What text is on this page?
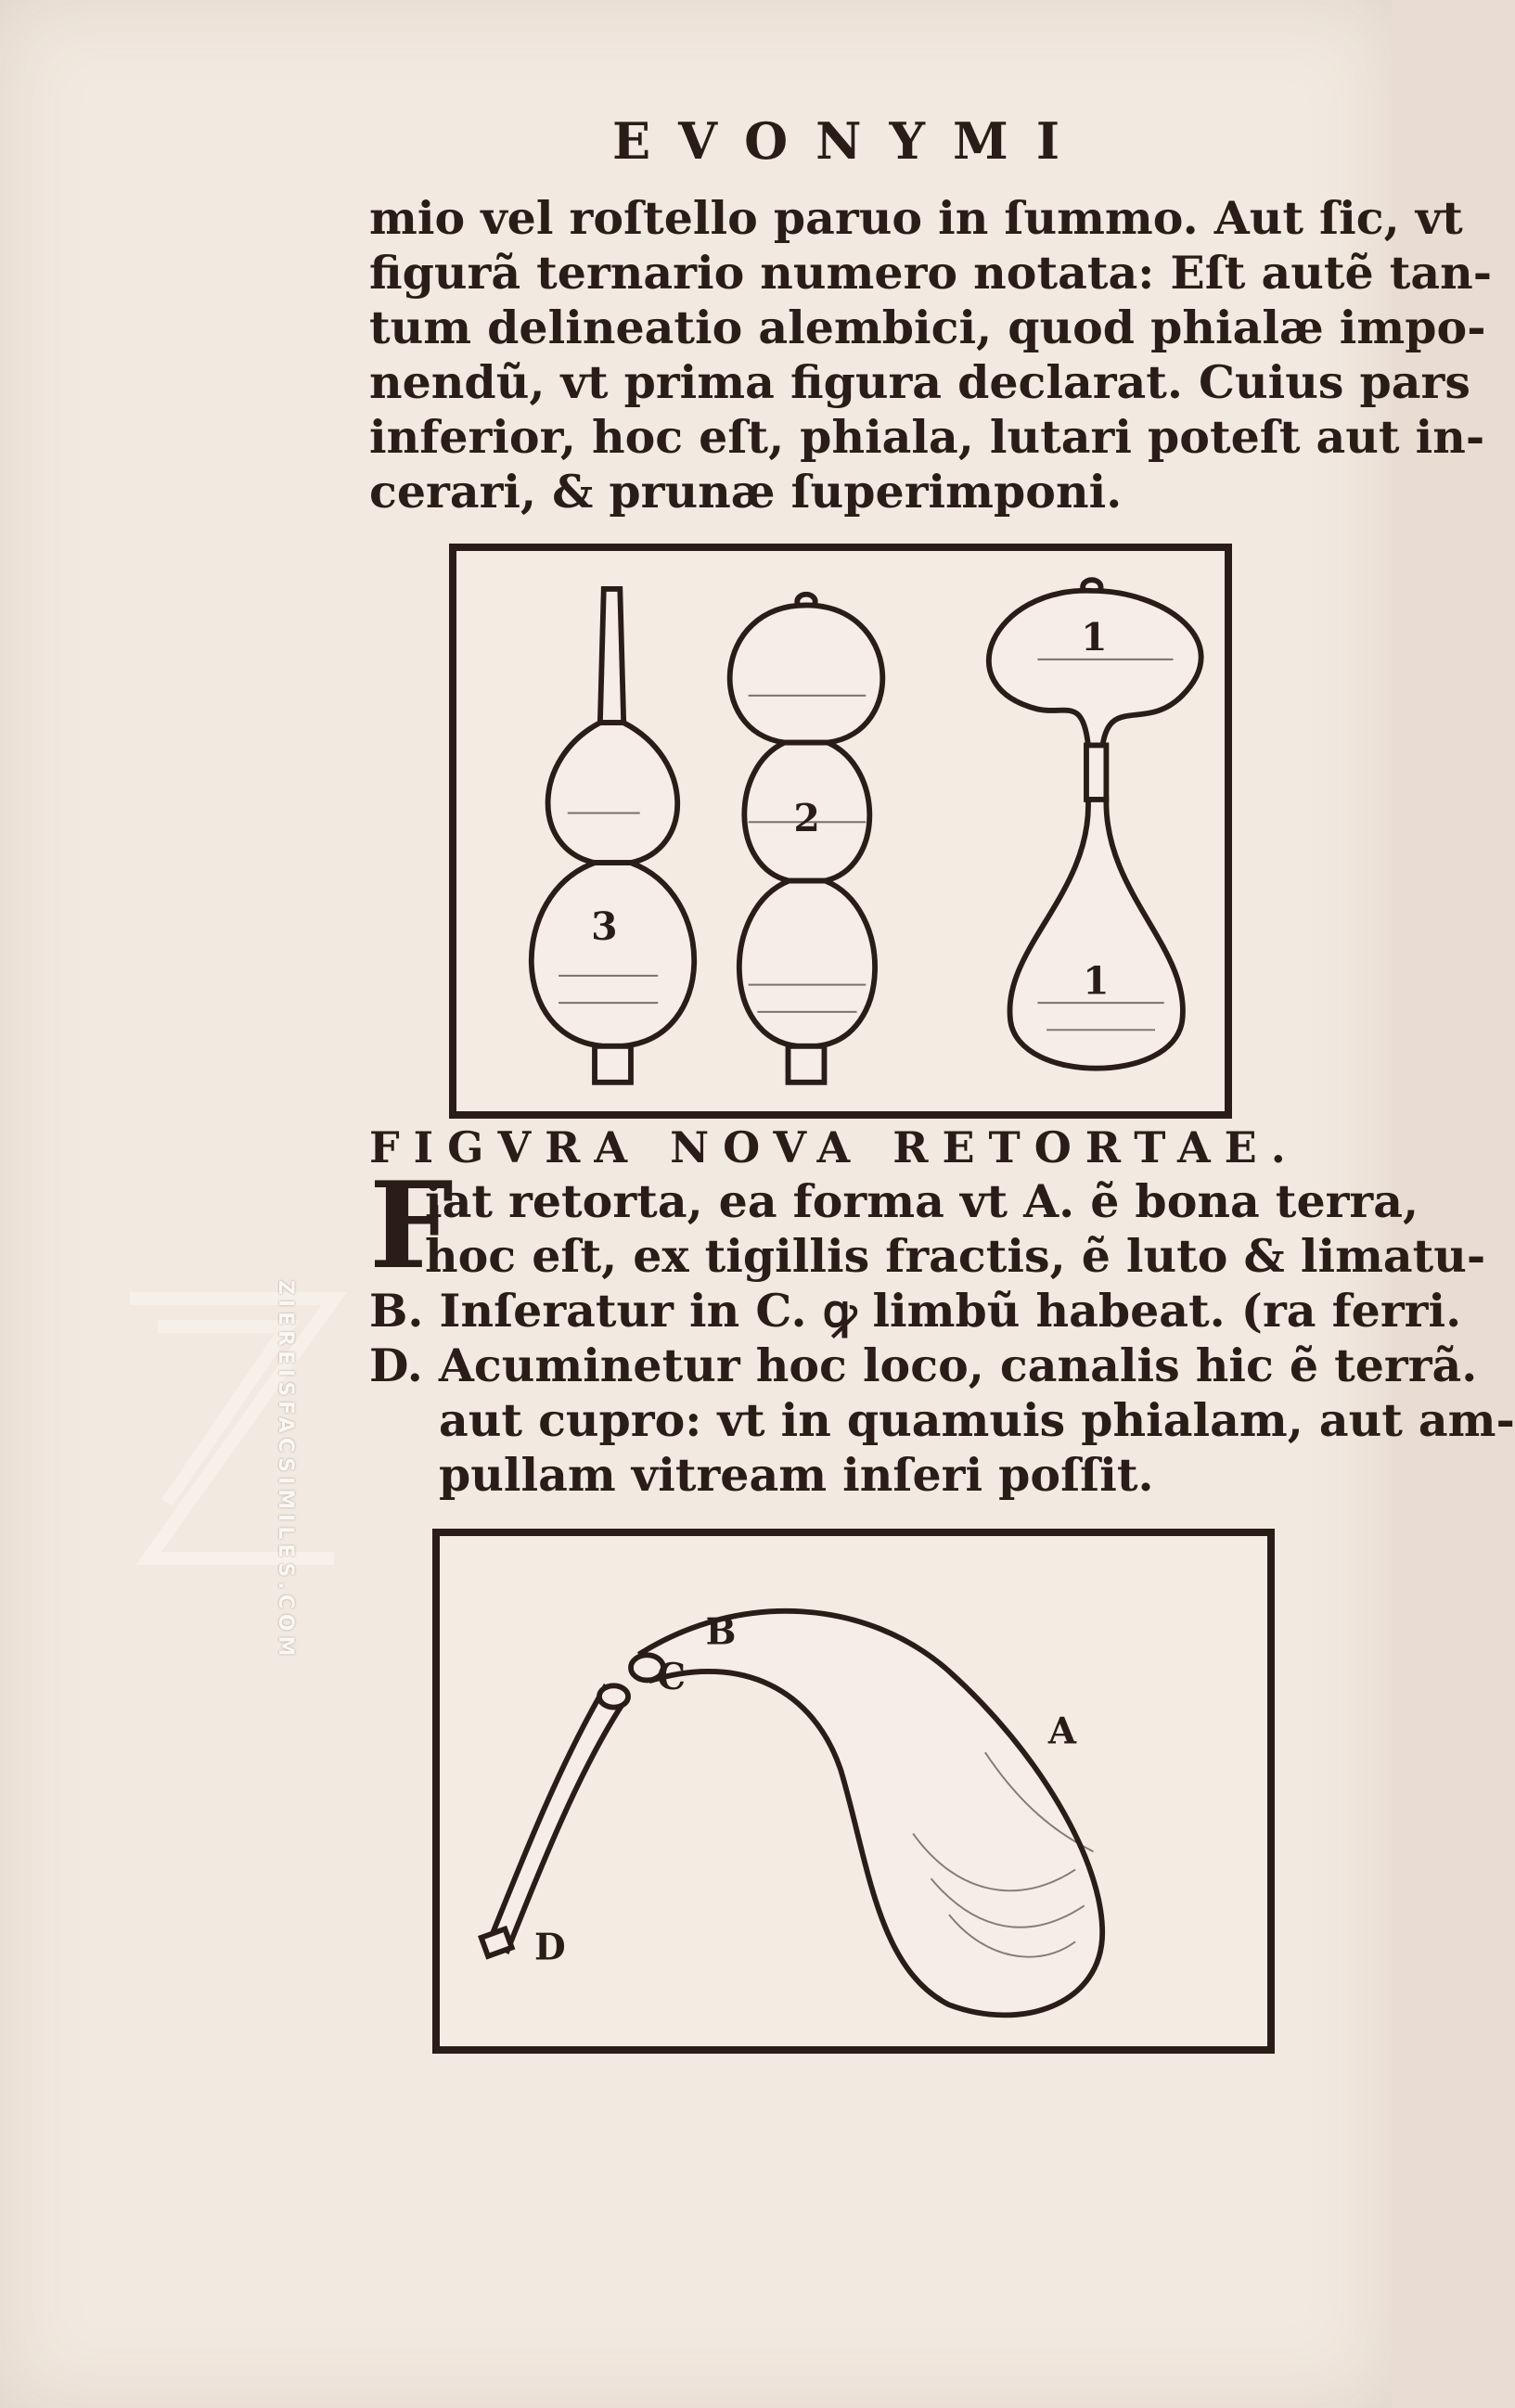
EVONYMI
mio vel roſtello paruo in ſummo. Aut ſic, vt
figurã ternario numero notata: Eſt autẽ tan-
tum delineatio alembici, quod phialæ impo-
nendũ, vt prima figura declarat. Cuius pars
inferior, hoc eſt, phiala, lutari poteſt aut in-
cerari, & prunæ ſuperimponi.
3
2
1
1
FIGVRA NOVA RETORTAE.
F
iat retorta, ea forma vt A. ẽ bona terra,
hoc eſt, ex tigillis fractis, ẽ luto & limatu-
B. Inſeratur in C. ꝙ limbũ habeat. (ra ferri.
D. Acuminetur hoc loco, canalis hic ẽ terrã.
aut cupro: vt in quamuis phialam, aut am-
pullam vitream inſeri poſſit.
A
B
C
D
ZIEREISFACSIMILES.COM
